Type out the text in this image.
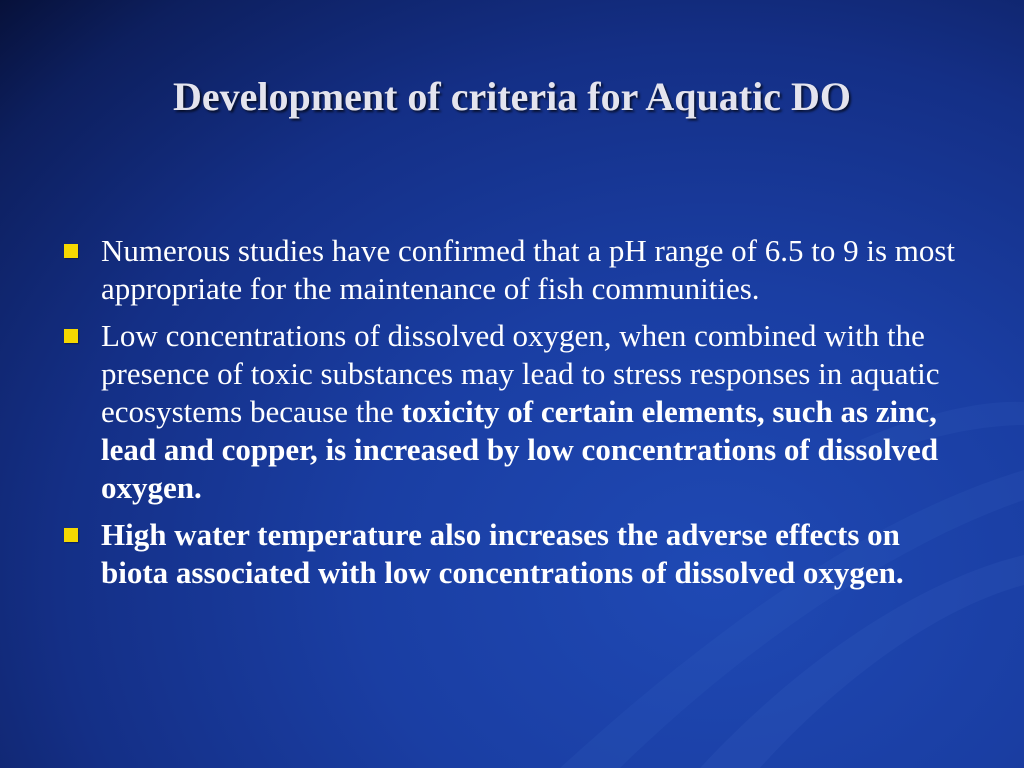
Development of criteria for Aquatic DO
Numerous studies have confirmed that a pH range of 6.5 to 9 is most appropriate for the maintenance of fish communities.
Low concentrations of dissolved oxygen, when combined with the presence of toxic substances may lead to stress responses in aquatic ecosystems because the toxicity of certain elements, such as zinc, lead and copper, is increased by low concentrations of dissolved oxygen.
High water temperature also increases the adverse effects on biota associated with low concentrations of dissolved oxygen.
